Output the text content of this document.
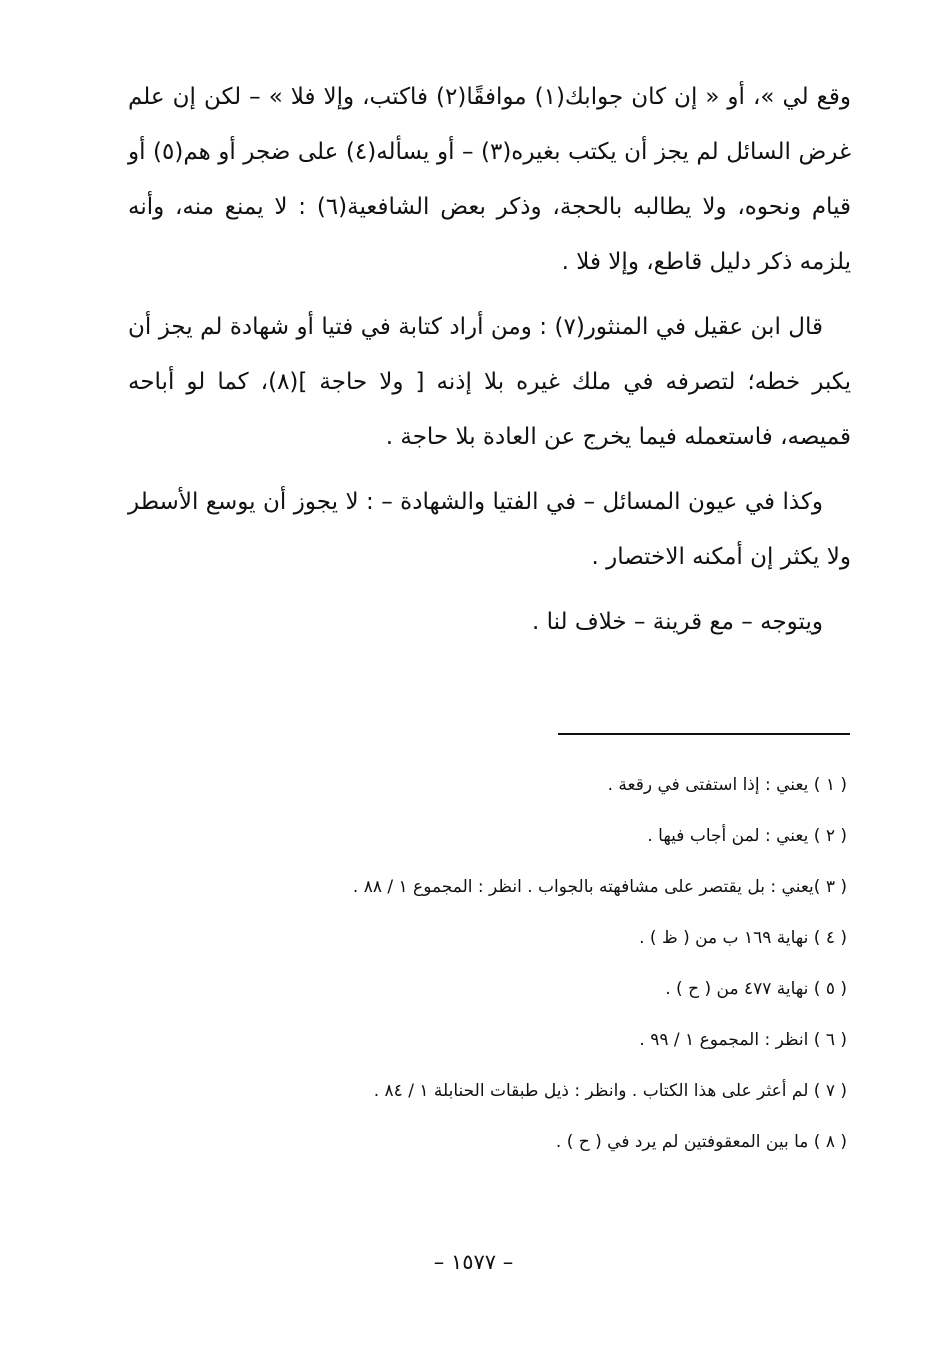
وقع لي »، أو « إن كان جوابك(١) موافقًا(٢) فاكتب، وإلا فلا » – لكن إن علم غرض السائل لم يجز أن يكتب بغيره(٣) – أو يسأله(٤) على ضجر أو هم(٥) أو قيام ونحوه، ولا يطالبه بالحجة، وذكر بعض الشافعية(٦) : لا يمنع منه، وأنه يلزمه ذكر دليل قاطع، وإلا فلا .

قال ابن عقيل في المنثور(٧) : ومن أراد كتابة في فتيا أو شهادة لم يجز أن يكبر خطه؛ لتصرفه في ملك غيره بلا إذنه [ ولا حاجة ](٨)، كما لو أباحه قميصه، فاستعمله فيما يخرج عن العادة بلا حاجة .

وكذا في عيون المسائل – في الفتيا والشهادة – : لا يجوز أن يوسع الأسطر ولا يكثر إن أمكنه الاختصار .

ويتوجه – مع قرينة – خلاف لنا .

( ١ ) يعني : إذا استفتى في رقعة .
( ٢ ) يعني : لمن أجاب فيها .
( ٣ )يعني : بل يقتصر على مشافهته بالجواب . انظر : المجموع ١ / ٨٨ .
( ٤ ) نهاية ١٦٩ ب من ( ظ ) .
( ٥ ) نهاية ٤٧٧ من ( ح ) .
( ٦ ) انظر : المجموع ١ / ٩٩ .
( ٧ ) لم أعثر على هذا الكتاب . وانظر : ذيل طبقات الحنابلة ١ / ٨٤ .
( ٨ ) ما بين المعقوفتين لم يرد في ( ح ) .
– ١٥٧٧ –
